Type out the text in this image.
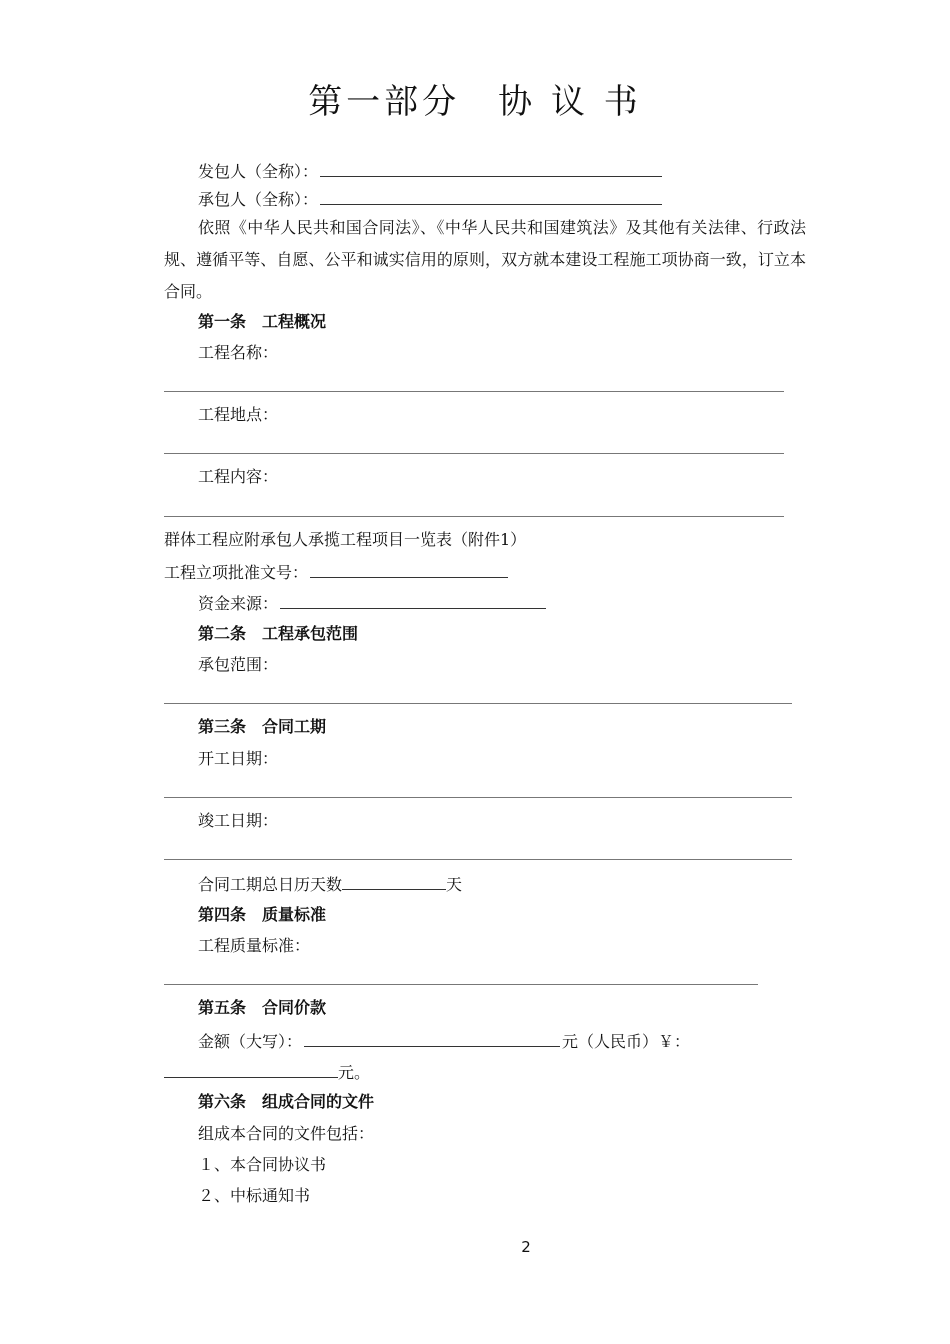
第一部分　协 议 书
发包人（全称）：
承包人（全称）：
依照《中华人民共和国合同法》、《中华人民共和国建筑法》及其他有关法律、行政法规、遵循平等、自愿、公平和诚实信用的原则，双方就本建设工程施工项协商一致，订立本合同。
第一条　工程概况
工程名称：
工程地点：
工程内容：
群体工程应附承包人承揽工程项目一览表（附件1）
工程立项批准文号：
资金来源：
第二条　工程承包范围
承包范围：
第三条　合同工期
开工日期：
竣工日期：
合同工期总日历天数	天
第四条　质量标准
工程质量标准：
第五条　合同价款
金额（大写）：	元（人民币）￥：
元。
第六条　组成合同的文件
组成本合同的文件包括：
１、本合同协议书
２、中标通知书
2
